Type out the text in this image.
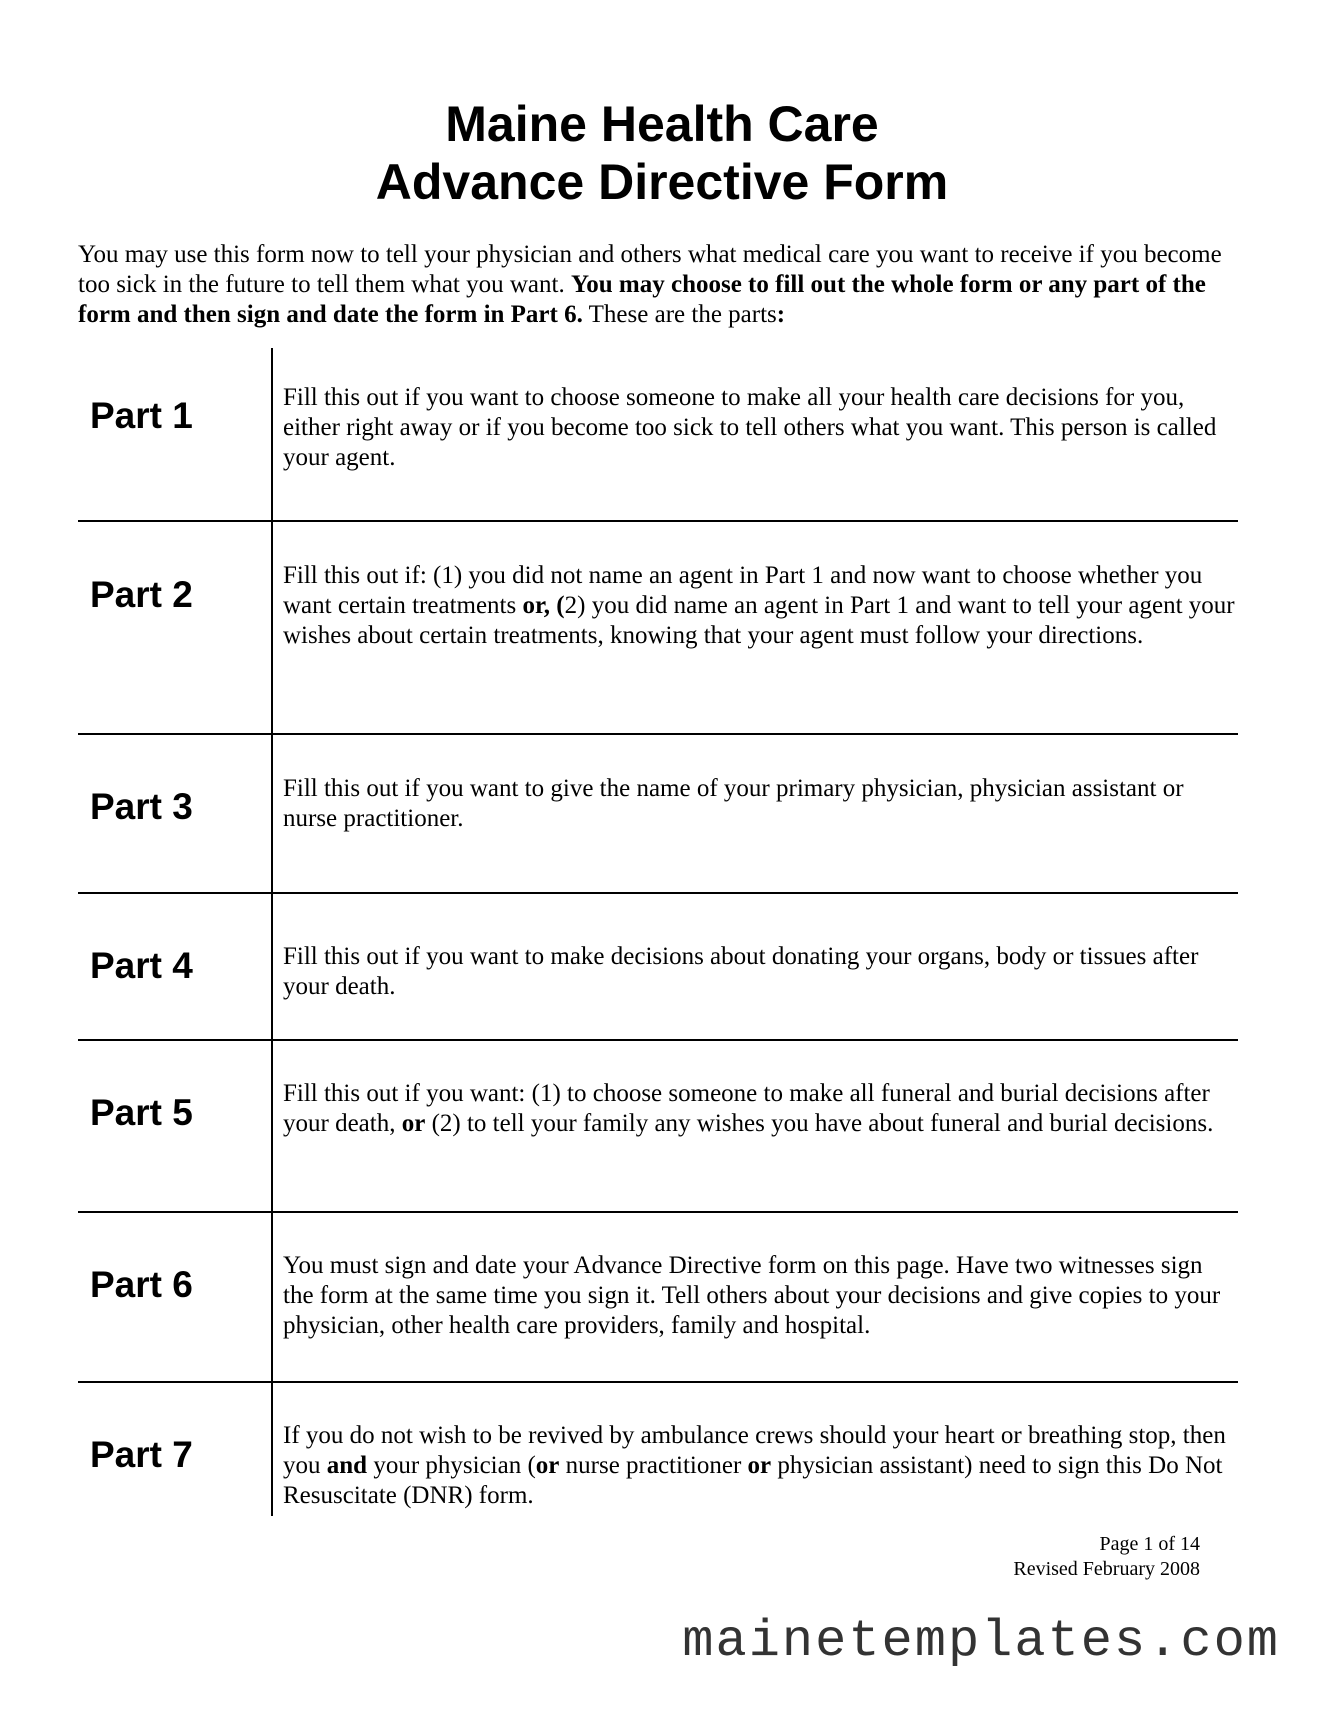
Maine Health Care
Advance Directive Form
You may use this form now to tell your physician and others what medical care you want to receive if you become too sick in the future to tell them what you want. You may choose to fill out the whole form or any part of the form and then sign and date the form in Part 6. These are the parts:
Part 1	Fill this out if you want to choose someone to make all your health care decisions for you, either right away or if you become too sick to tell others what you want. This person is called your agent.
Part 2	Fill this out if: (1) you did not name an agent in Part 1 and now want to choose whether you want certain treatments or, (2) you did name an agent in Part 1 and want to tell your agent your wishes about certain treatments, knowing that your agent must follow your directions.
Part 3	Fill this out if you want to give the name of your primary physician, physician assistant or nurse practitioner.
Part 4	Fill this out if you want to make decisions about donating your organs, body or tissues after your death.
Part 5	Fill this out if you want: (1) to choose someone to make all funeral and burial decisions after your death, or (2) to tell your family any wishes you have about funeral and burial decisions.
Part 6	You must sign and date your Advance Directive form on this page. Have two witnesses sign the form at the same time you sign it. Tell others about your decisions and give copies to your physician, other health care providers, family and hospital.
Part 7	If you do not wish to be revived by ambulance crews should your heart or breathing stop, then you and your physician (or nurse practitioner or physician assistant) need to sign this Do Not Resuscitate (DNR) form.
Page 1 of 14
Revised February 2008
mainetemplates.com
